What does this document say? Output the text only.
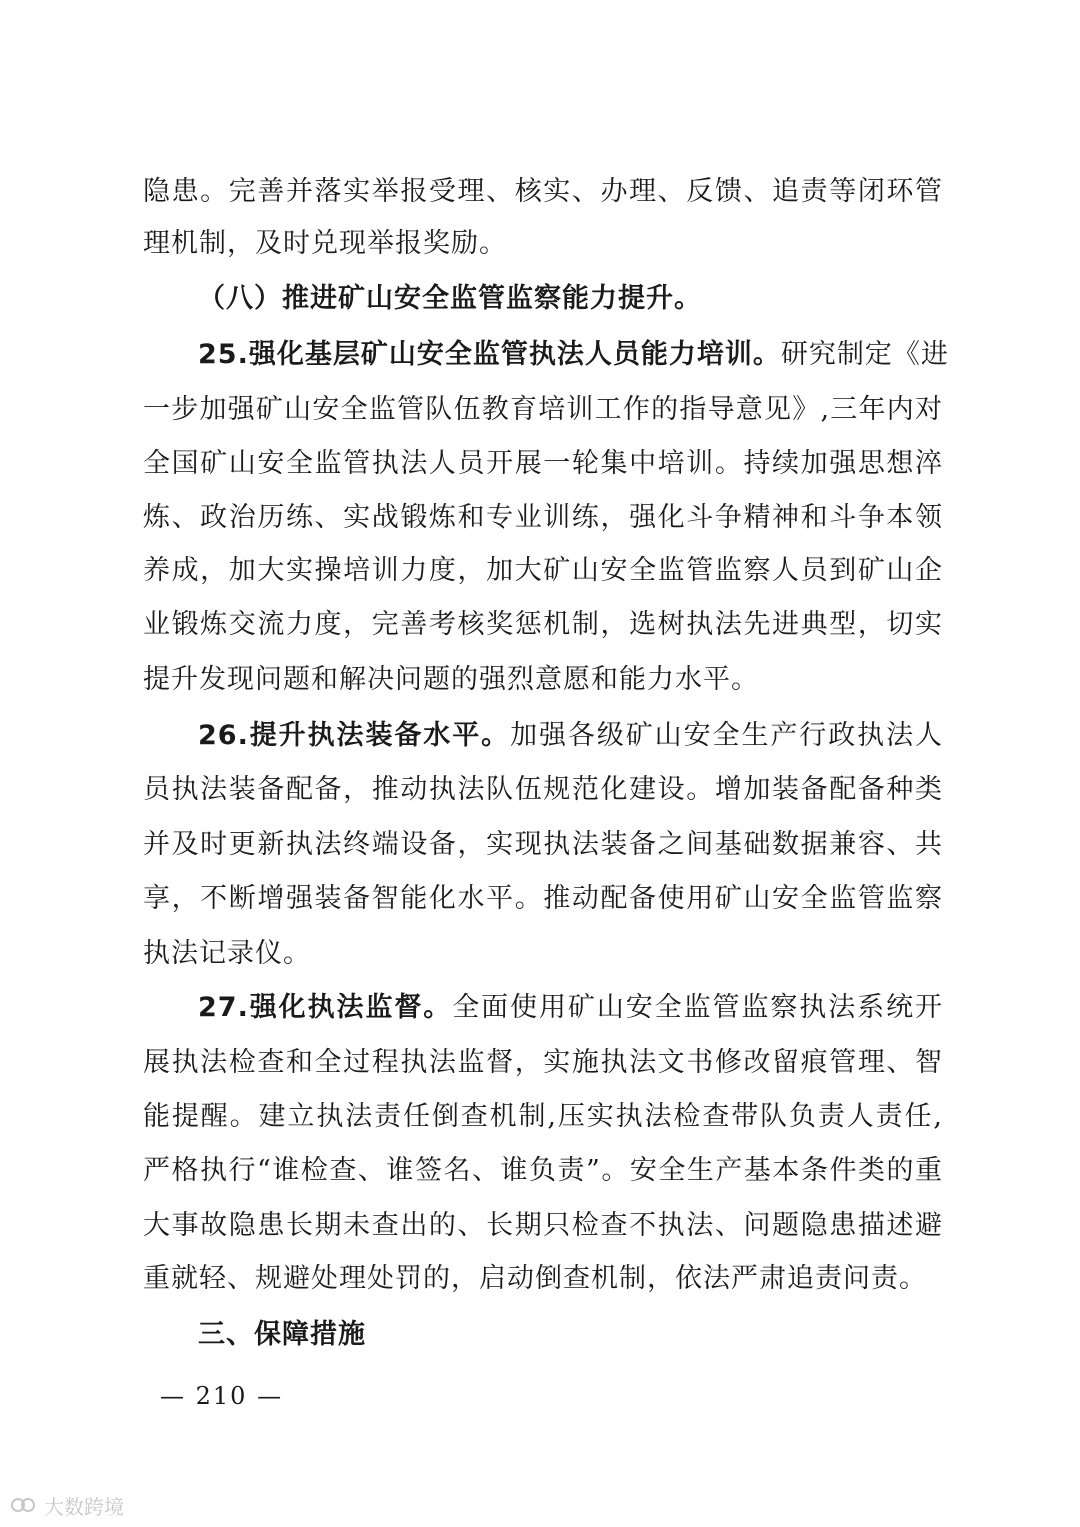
隐患。完善并落实举报受理、核实、办理、反馈、追责等闭环管
理机制，及时兑现举报奖励。
（八）推进矿山安全监管监察能力提升。
25.强化基层矿山安全监管执法人员能力培训。研究制定《进
一步加强矿山安全监管队伍教育培训工作的指导意见》,三年内对
全国矿山安全监管执法人员开展一轮集中培训。持续加强思想淬
炼、政治历练、实战锻炼和专业训练，强化斗争精神和斗争本领
养成，加大实操培训力度，加大矿山安全监管监察人员到矿山企
业锻炼交流力度，完善考核奖惩机制，选树执法先进典型，切实
提升发现问题和解决问题的强烈意愿和能力水平。
26.提升执法装备水平。加强各级矿山安全生产行政执法人
员执法装备配备，推动执法队伍规范化建设。增加装备配备种类
并及时更新执法终端设备，实现执法装备之间基础数据兼容、共
享，不断增强装备智能化水平。推动配备使用矿山安全监管监察
执法记录仪。
27.强化执法监督。全面使用矿山安全监管监察执法系统开
展执法检查和全过程执法监督，实施执法文书修改留痕管理、智
能提醒。建立执法责任倒查机制,压实执法检查带队负责人责任,
严格执行“谁检查、谁签名、谁负责”。安全生产基本条件类的重
大事故隐患长期未查出的、长期只检查不执法、问题隐患描述避
重就轻、规避处理处罚的，启动倒查机制，依法严肃追责问责。
三、保障措施
— 210 —
大数跨境
